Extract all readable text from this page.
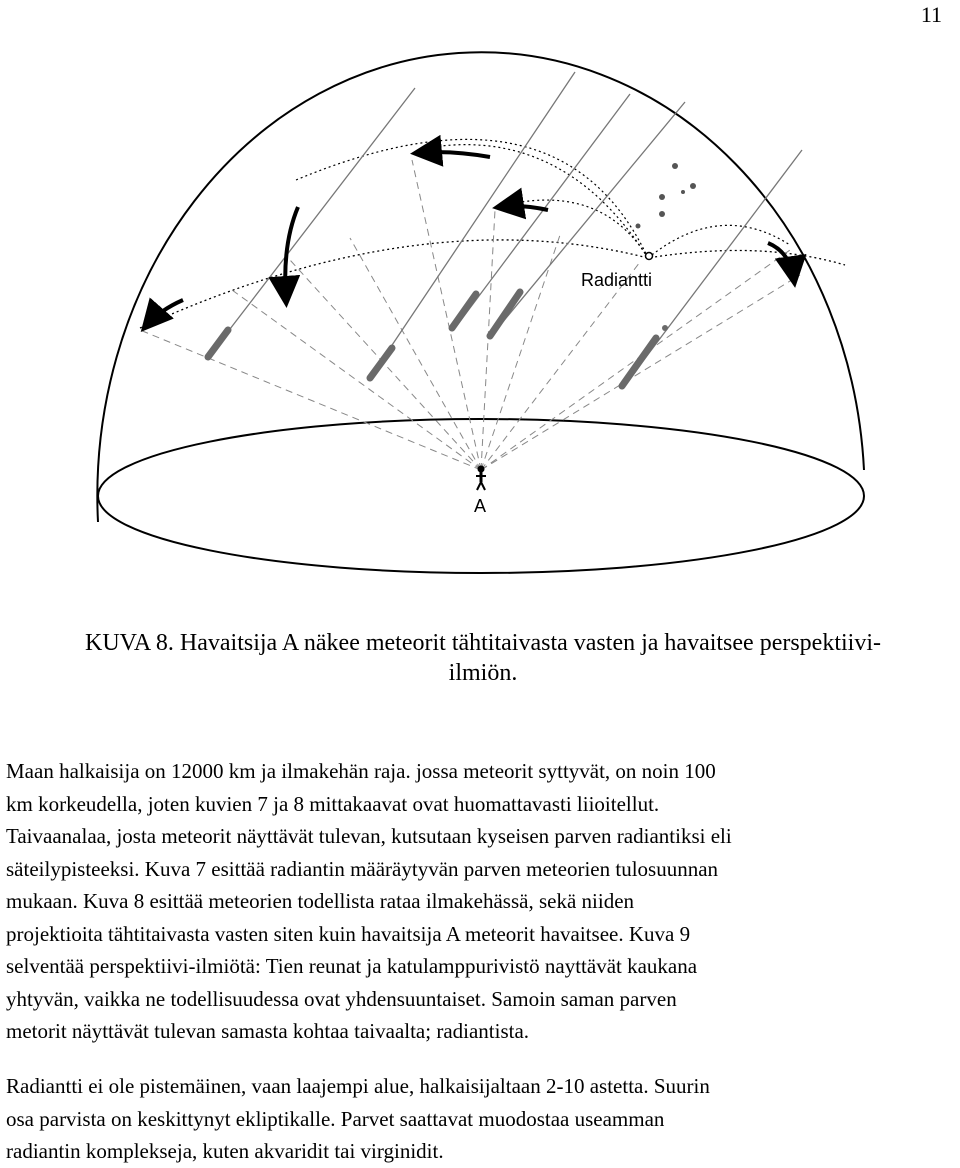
11
Radiantti
A
KUVA 8. Havaitsija A näkee meteorit tähtitaivasta vasten ja havaitsee perspektiivi-
ilmiön.
Maan halkaisija on 12000 km ja ilmakehän raja. jossa meteorit syttyvät, on noin 100
km korkeudella, joten kuvien 7 ja 8 mittakaavat ovat huomattavasti liioitellut.
Taivaanalaa, josta meteorit näyttävät tulevan, kutsutaan kyseisen parven radiantiksi eli
säteilypisteeksi. Kuva 7 esittää radiantin määräytyvän parven meteorien tulosuunnan
mukaan. Kuva 8 esittää meteorien todellista rataa ilmakehässä, sekä niiden
projektioita tähtitaivasta vasten siten kuin havaitsija A meteorit havaitsee. Kuva 9
selventää perspektiivi-ilmiötä: Tien reunat ja katulamppurivistö nayttävät kaukana
yhtyvän, vaikka ne todellisuudessa ovat yhdensuuntaiset. Samoin saman parven
metorit näyttävät tulevan samasta kohtaa taivaalta; radiantista.
Radiantti ei ole pistemäinen, vaan laajempi alue, halkaisijaltaan 2-10 astetta. Suurin
osa parvista on keskittynyt ekliptikalle. Parvet saattavat muodostaa useamman
radiantin komplekseja, kuten akvaridit tai virginidit.
